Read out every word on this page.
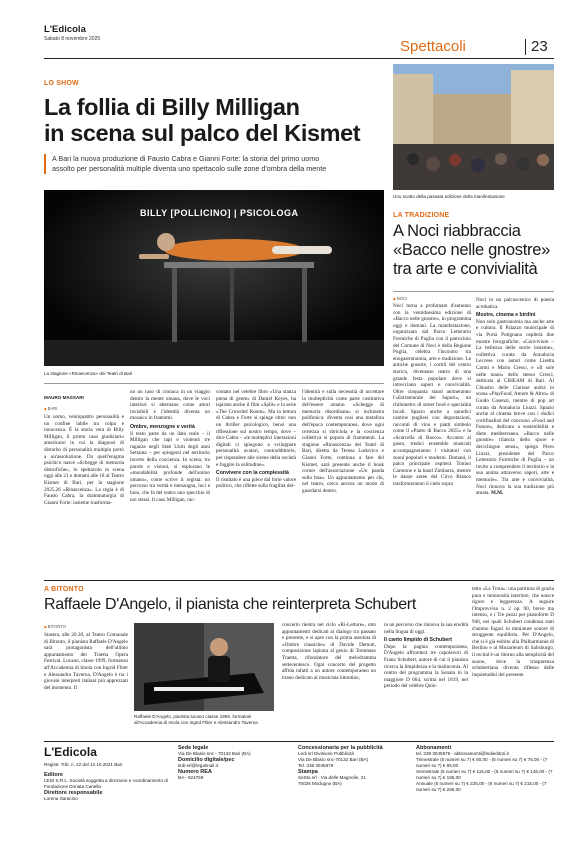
L'Edicola
Sabato 8 novembre 2025	Spettacoli	23
LO SHOW
La follia di Billy Milligan
in scena sul palco del Kismet
A Bari la nuova produzione di Fausto Cabra e Gianni Forte: la storia del primo uomo
assolto per personalità multiple diventa uno spettacolo sulle zone d'ombra della mente
BILLY [POLLICINO] | PSICOLOGA
La stagione «Rinascenza» dei Teatri di Bari
MAURO MASSARI
◆ BARI
Un uomo, ventiquattro personalità e un confine labile tra colpa e innocenza. È la storia vera di Billy Milligan, il primo caso giudiziario americano in cui la diagnosi di disturbo di personalità multipla portò a un'assoluzione. Da quell'enigma psichico nasce «Schegge di memoria distrofiche», lo spettacolo in scena oggi alle 21 e domani alle 18 al Teatro Kismet di Bari, per la stagione 2025.26 «Rinascenza». La regia è di Fausto Cabra, la drammaturgia di Gianni Forte: insieme trasforma-
no un caso di cronaca in un viaggio dentro la mente umana, dove le voci interiori si alternano come attori invisibili e l'identità diventa un mosaico in frantumi.
Ombre, menzogne e verità
Il testo parte da un dato reale – il Milligan che rapì e violentò tre ragazze negli Stati Uniti degli anni Settanta – per spingersi nel territorio incerto della coscienza. In scena, tra parole e visioni, si esplorano le «mondabilità profonde dell'animo umano», come scrive il regista: un percorso tra verità e menzogna, luci e buio, che fa del teatro uno specchio di noi stessi. Il caso Milligan, rac-
contato nel celebre libro «Una stanza piena di gente» di Daniel Keyes, ha ispirato anche il film «Split» e la serie «The Crowded Room». Ma la lettura di Cabra e Forte si spinge oltre: non un thriller psicologico, bensì una riflessione sul nostro tempo, dove – dice Cabra – «le molteplici interazioni digitali ci spingono a sviluppare personalità avatari, contraddittorie, per rispondere alle sirene della società e fuggire la solitudine».
Convivere con la complessità
Il risultato è una pièce dal forte valore politico, che riflette sulla fragilità del-
l'identità e sulla necessità di accettare la molteplicità come parte costitutiva dell'essere umano. «Schegge di memoria disordinata» si inchiostra polifonica: diventa così una metafora dell'epoca contemporanea, dove ogni certezza si sbriciola e la coscienza collettiva si popola di frammenti. La stagione «Rinascenza» dei Teatri di Bari, diretta da Teresa Ludovico e Gianni Forte, continua a fare del Kismet, sarà presente anche il book corner dell'associazione «Un panda sulla bna». Un appuntamento per chi, nel teatro, cerca ancora un modo di guardarsi dentro.
Uno scatto della passata edizione della manifestazione
LA TRADIZIONE
A Noci riabbraccia
«Bacco nelle gnostre»
tra arte e convivialità
◆ NOCI
Noci torna a profumare d'autunno con la ventiduesima edizione di «Bacco nelle gnostre», in programma oggi e domani. La manifestazione, organizzata dal Parco Letterario Formiche di Puglia con il patrocinio del Comune di Noci e della Regione Puglia, celebra l'incontro tra enogastronomia, arte e tradizione. Le antiche gnostre, i cortili del centro storico, diventano teatro di una grande festa popolare dove si intrecciano sapori e convivialità. Oltre cinquanta stand animeranno l'«Estramurale dei Sapori», un chilometro di street food e specialità locali. Spazio anche a quindici cantine pugliesi con degustazioni, racconti di vino e piatti simbolo come il «Piatto di Bacco 2025» e la «Scarcella di Bacco». Accanto al gusto, tredici ensemble musicali accompagneranno i visitatori con suoni popolari e moderni. Domani, il palco principale ospiterà Tonino Carotone e la band Zimbarra, mentre le danze zeree del Circo Bianco trasformeranno il cielo sopra
Noci in un palcoscenico di poesia acrobatica.
Mostre, cinema e birdini
Non solo gastronomia ma anche arte e cultura. Il Palazzo municipale di via Porta Putignano ospiterà due mostre fotografiche: «Convivium – La bellezza delle storie insieme», collettiva curata da Annalucia Leccese con autori come Lisetta Carmi e Mario Cresci, e «Il sole nelle mani» dello stesso Cresci, dedicata al CIHEAM di Bari. Al Chiostro delle Clarisse andrà in scena «PlayFood, Amore & Altro» di Guido Cosenzi, mentre di pop art curata da Annalucia Liuzzi. Spazio anche al cinema breve con i dodici cortifinalisti del concorso «Food and Future», dedicato a sostenibilità e diete mediterranea. «Bacco nelle gnostre» rilancia dello spore e deciclingue sensi», spiega Piero Liuzzi, presidente del Parco Letterario Formiche di Puglia – un invito a comprendere il territorio e la sua anima attraverso sapori, arte e memorie». Tra arte e convivialità, Noci rinnova la sua tradizione più amata. M.M.
A BITONTO
Raffaele D'Angelo, il pianista che reinterpreta Schubert
◆ BITONTO
Stasera, alle 20.30, al Teatro Comunale di Bitonto, il pianista Raffaele D'Angelo sarà protagonista dell'ultimo appuntamento del Traetta Opera Festival. Lucano, classe 1999, formatosi all'Accademia di Imola con Ingrid Fliter e Alessandro Taverna, D'Angelo è tra i giovani interpreti italiani più apprezzati del momento. Il
Raffaele D'Angelo, pianista lucano classe 1999, formatosi all'Accademia di Imola con Ingrid Fliter e Alessandro Taverna
concerto rientra nel ciclo «Ri-Letture», otto appuntamenti dedicati al dialogo tra passato e presente, e si apre con la prima assoluta di «Ombre classiche» di Davide Demuti, composizione ispirata al genio di Tommaso Traetta, rifondatore del melodramma settecentesco. Ogni concerto del progetto affida infatti a un autore contemporaneo un brano dedicato al musicista bitontino,
in un percorso che rinnova la sua eredità nella lingua di oggi.
Il canto limpido di Schubert
Dopo la pagina contemporanea, D'Angelo affronterà tre capolavori di Franz Schubert, autore di cui il pianista ricerca la limpidezza e la malinconia. Al centro del programma la Sonata in la maggiore D 664, scritta nel 1819, nel periodo del celebre Quin-
tetto «La Trota»: una partitura di grazia pura e luminosità interiore, che unisce rigore e leggerezza. A seguire l'Improvviso n. 2 op. 90, breve ma intenso, e i Tre pezzi per pianoforte D 946, nei quali Schubert condensa stati d'animo fugaci in miniature sonore di struggente equilibrio. Per D'Angelo, che si è già esibito alla Philharmonie di Berlino e al Mozarteum di Salisburgo, il recital è un ritorno alla semplicità del suono, dove la trasparenza schubertiana diventa riflesso delle inquietudini del presente.
L'Edicola
Registr. Trib. n. 22 del 12.10.2021 Bari
Editore
LEDI S.R.L. Società soggetta a direzione e coordinamento di Fondazione Donata Canella
Direttore responsabile
Lorena Saracino
Sede legale
Via De Blasio snc - 70132 Bari (BA)
Domicilio digitale/pec
ledi-srl@legalmail.it
Numero REA
BA - 624759
Concessionaria per la pubblicità
Ledi srl Divisione Pubblicità
Via De Blasio snc-70132 Bari (BA)
Tel. 338 3045879
Stampa
SeSta srl - Via delle Magnolie, 21
70026 Modugno (BA)
Abbonamenti
tel. 338 3045879 - abbonamenti@ledieditori.it
Trimestrale (5 numeri su 7) € 60,00 - (6 numeri su 7) € 75,00 - (7 numeri su 7) € 85,00
Semestrale (5 numeri su 7) € 115,00 - (6 numeri su 7) € 145,00 - (7 numeri su 7) € 165,00
Annuale (5 numeri su 7) € 225,00 - (6 numeri su 7) € 215,00 - (7 numeri su 7) € 286,00
